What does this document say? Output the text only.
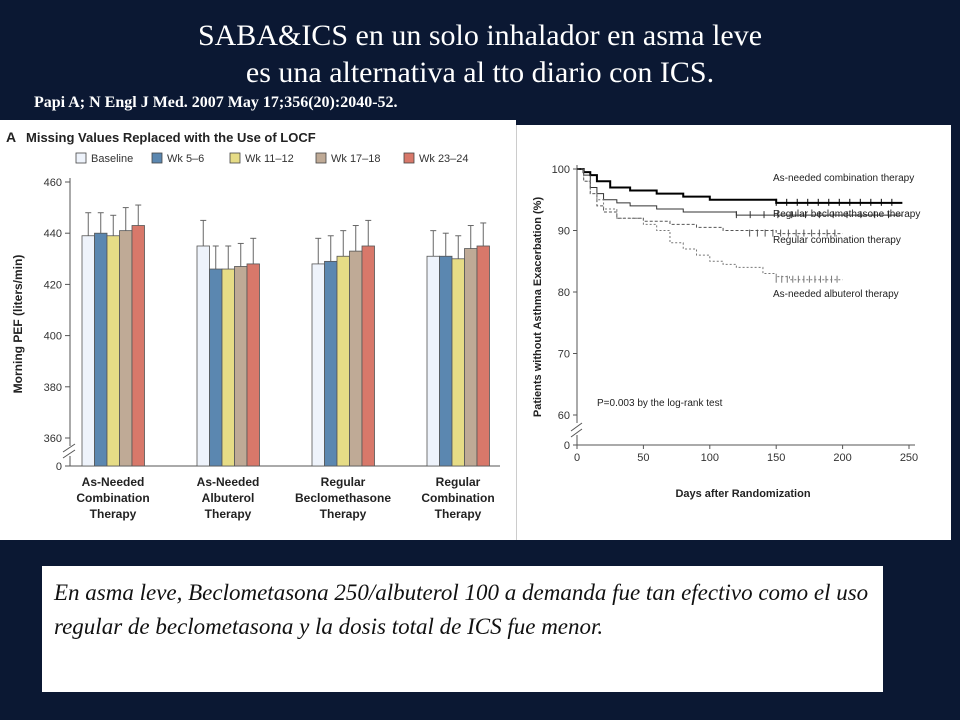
SABA&ICS en un solo inhalador en asma leve
es una alternativa al tto diario con ICS.
Papi A; N Engl J Med. 2007 May 17;356(20):2040-52.
A Missing Values Replaced with the Use of LOCF
Baseline	Wk 5–6	Wk 11–12	Wk 17–18	Wk 23–24
Morning PEF (liters/min)
460
440
420
400
380
360
0
As-Needed
Combination
Therapy
As-Needed
Albuterol
Therapy
Regular
Beclomethasone
Therapy
Regular
Combination
Therapy
Patients without Asthma Exacerbation (%)
Days after Randomization
100
90
80
70
60
0
0	50	100	150	200	250
As-needed combination therapy
Regular beclomethasone therapy
Regular combination therapy
As-needed albuterol therapy
P=0.003 by the log-rank test
En asma leve, Beclometasona 250/albuterol 100 a demanda fue tan efectivo como el uso regular de beclometasona y la dosis total de ICS fue menor.
